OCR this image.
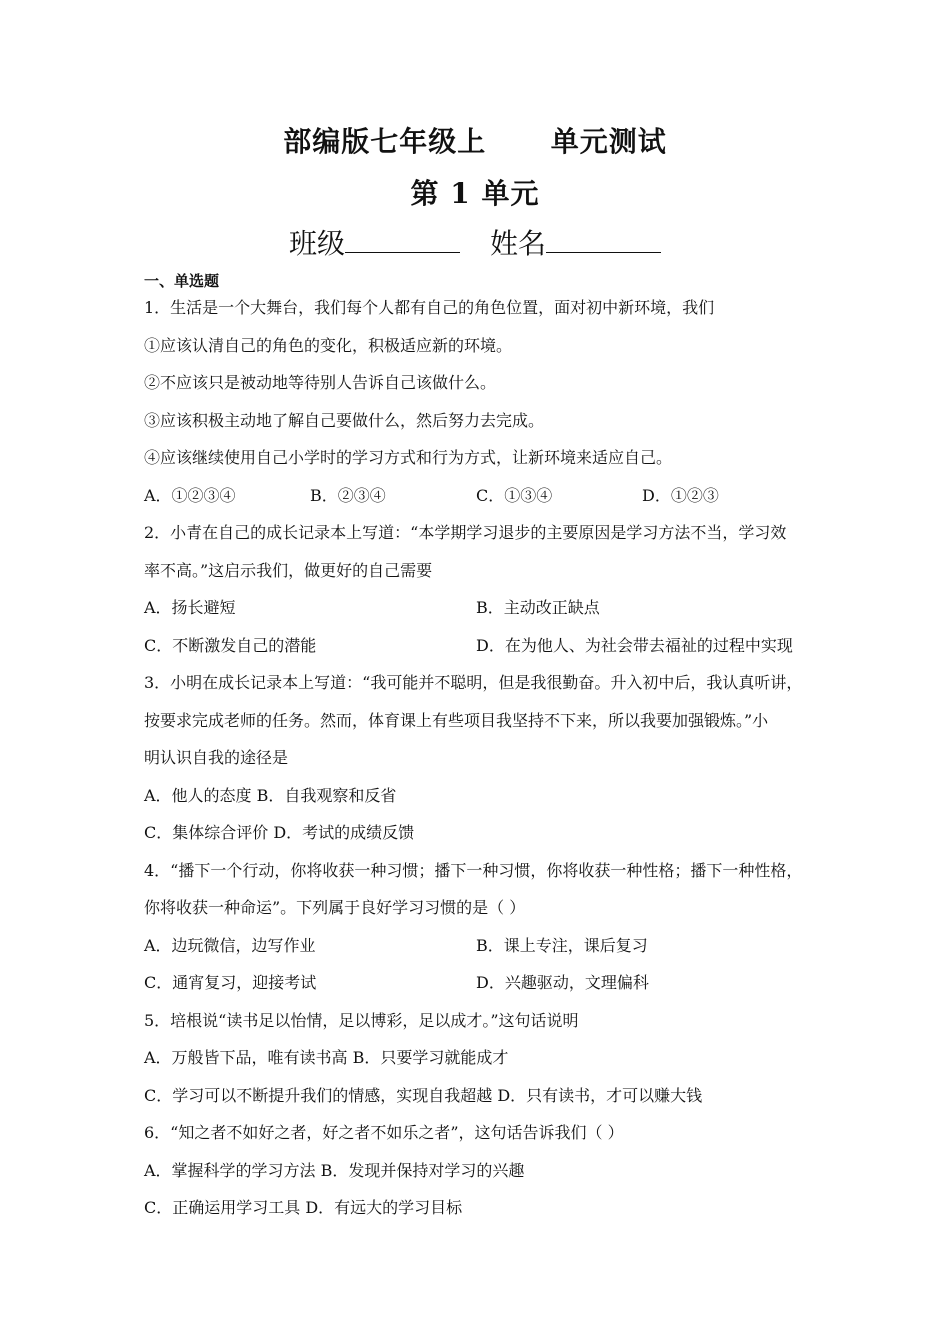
部编版七年级上      单元测试
第 1 单元
班级	姓名
一、单选题
1．生活是一个大舞台，我们每个人都有自己的角色位置，面对初中新环境，我们
①应该认清自己的角色的变化，积极适应新的环境。
②不应该只是被动地等待别人告诉自己该做什么。
③应该积极主动地了解自己要做什么，然后努力去完成。
④应该继续使用自己小学时的学习方式和行为方式，让新环境来适应自己。
A．①②③④	B．②③④	C．①③④	D．①②③
2．小青在自己的成长记录本上写道：“本学期学习退步的主要原因是学习方法不当，学习效
率不高。”这启示我们，做更好的自己需要
A．扬长避短	B．主动改正缺点
C．不断激发自己的潜能	D．在为他人、为社会带去福祉的过程中实现
3．小明在成长记录本上写道：“我可能并不聪明，但是我很勤奋。升入初中后，我认真听讲，
按要求完成老师的任务。然而，体育课上有些项目我坚持不下来，所以我要加强锻炼。”小
明认识自我的途径是
A．他人的态度 B．自我观察和反省
C．集体综合评价 D．考试的成绩反馈
4．“播下一个行动，你将收获一种习惯；播下一种习惯，你将收获一种性格；播下一种性格，
你将收获一种命运”。下列属于良好学习习惯的是（ ）
A．边玩微信，边写作业	B．课上专注，课后复习
C．通宵复习，迎接考试	D．兴趣驱动，文理偏科
5．培根说“读书足以怡情，足以博彩，足以成才。”这句话说明
A．万般皆下品，唯有读书高 B．只要学习就能成才
C．学习可以不断提升我们的情感，实现自我超越 D．只有读书，才可以赚大钱
6．“知之者不如好之者，好之者不如乐之者”，这句话告诉我们（ ）
A．掌握科学的学习方法 B．发现并保持对学习的兴趣
C．正确运用学习工具 D．有远大的学习目标
